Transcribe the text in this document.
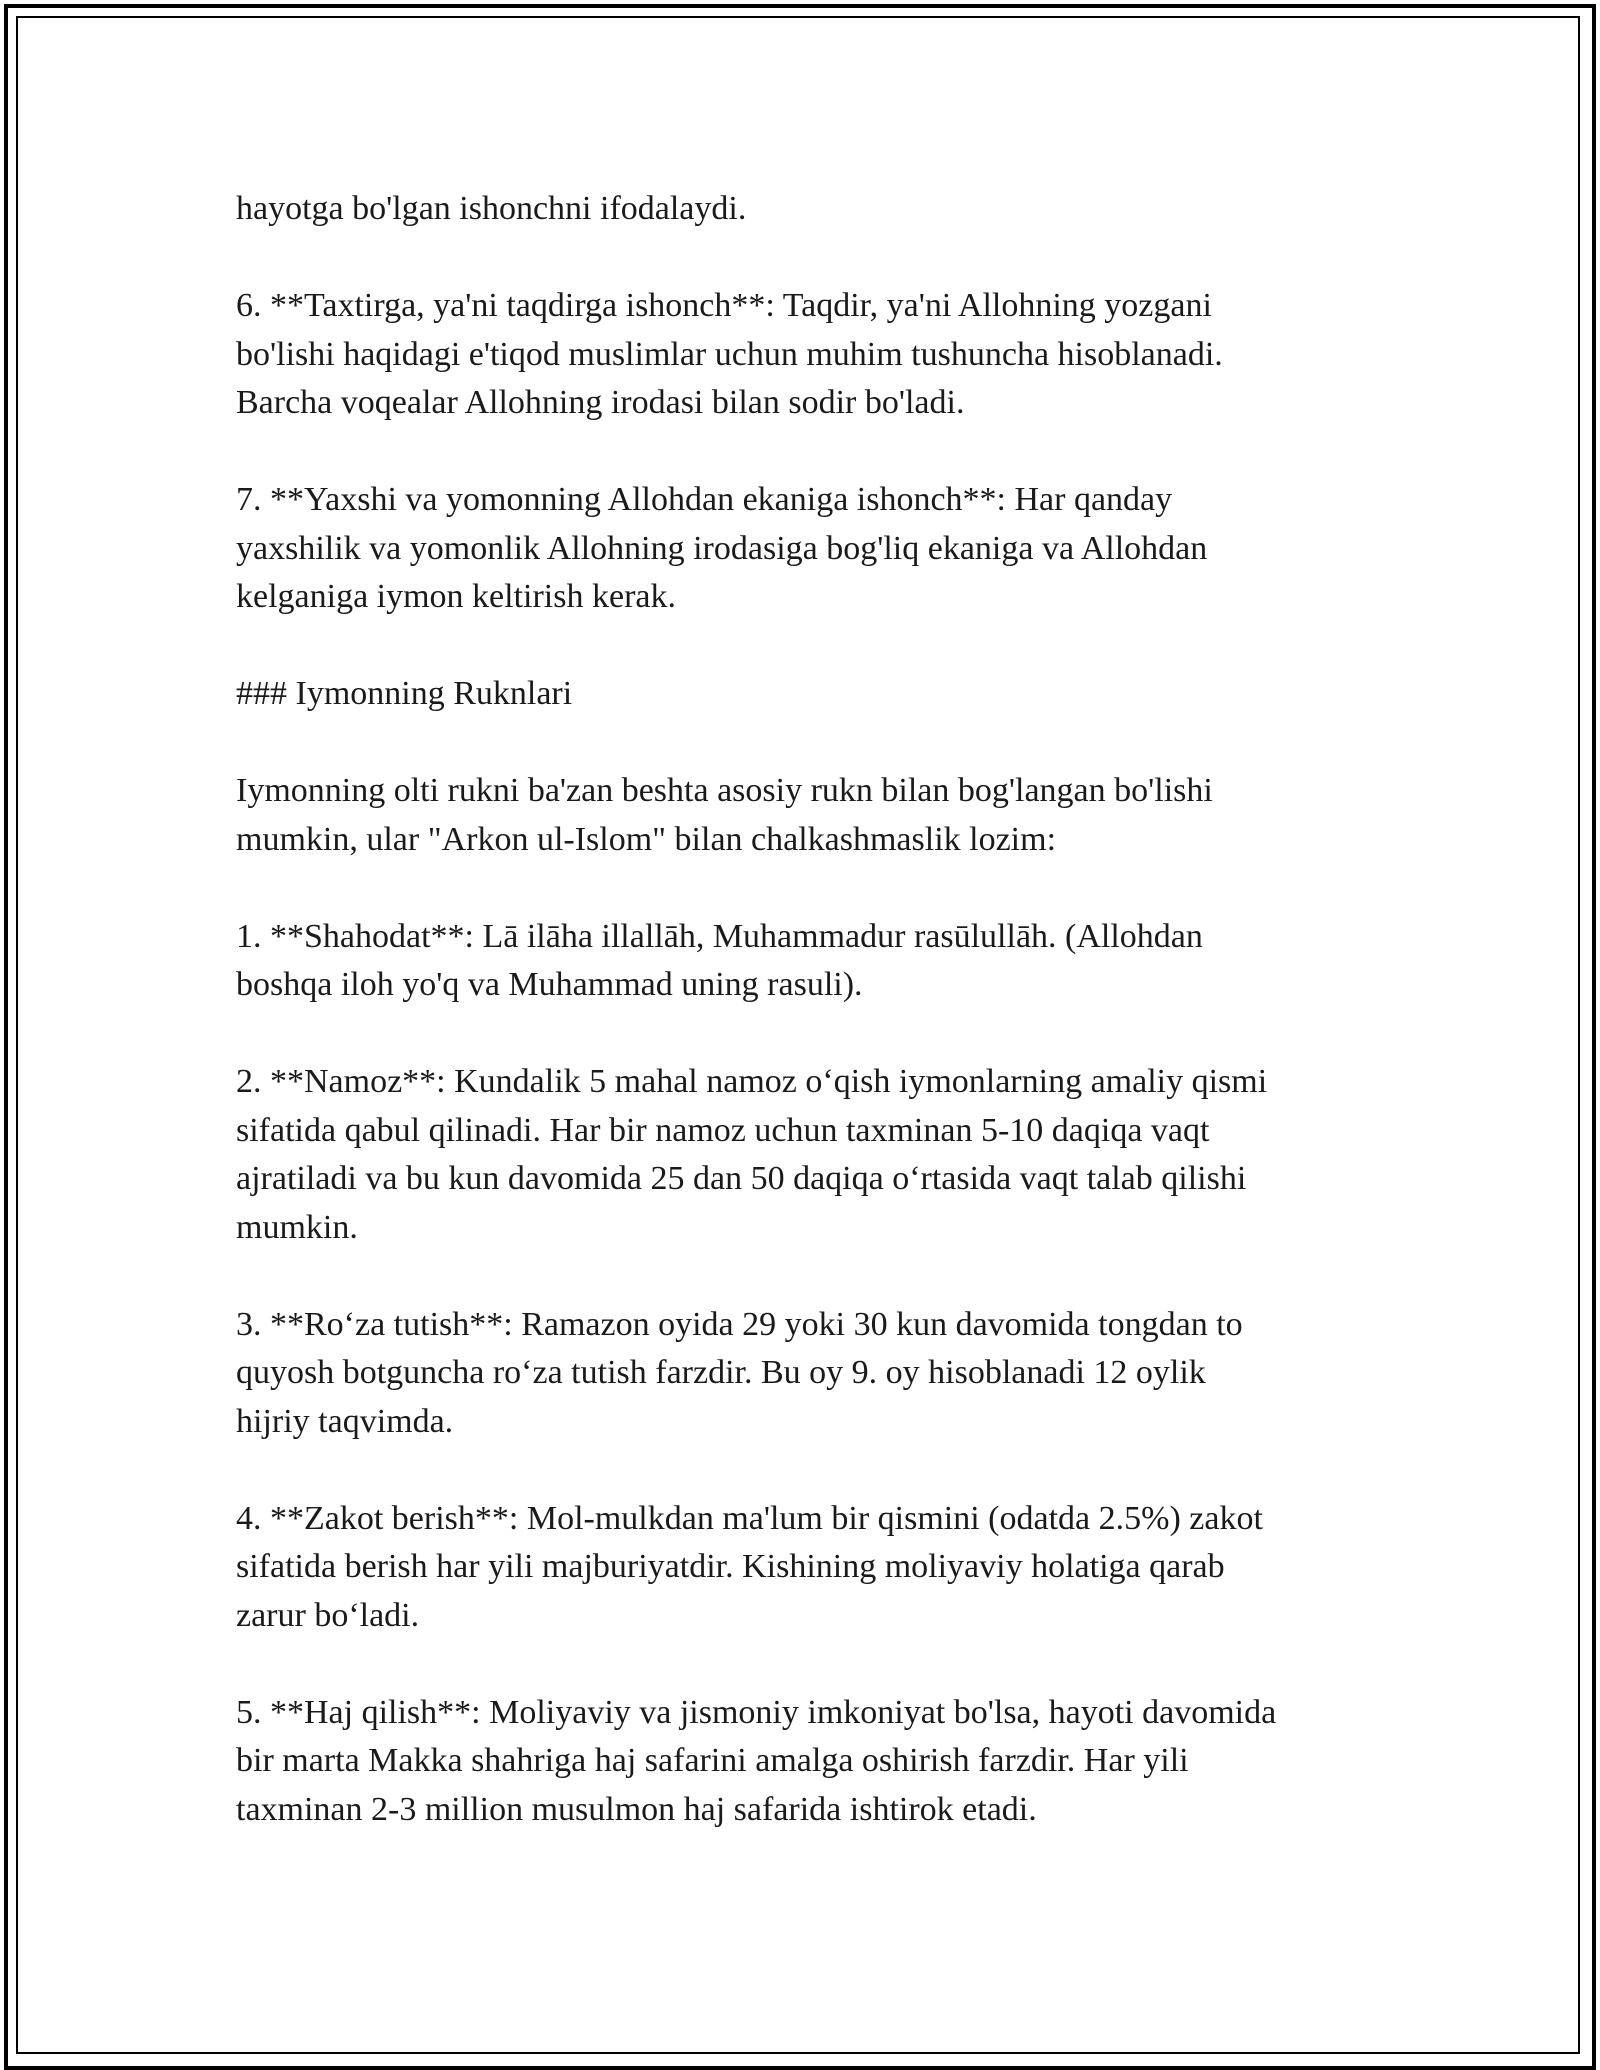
hayotga bo'lgan ishonchni ifodalaydi.

6. **Taxtirga, ya'ni taqdirga ishonch**: Taqdir, ya'ni Allohning yozgani
bo'lishi haqidagi e'tiqod muslimlar uchun muhim tushuncha hisoblanadi.
Barcha voqealar Allohning irodasi bilan sodir bo'ladi.

7. **Yaxshi va yomonning Allohdan ekaniga ishonch**: Har qanday
yaxshilik va yomonlik Allohning irodasiga bog'liq ekaniga va Allohdan
kelganiga iymon keltirish kerak.

### Iymonning Ruknlari

Iymonning olti rukni ba'zan beshta asosiy rukn bilan bog'langan bo'lishi
mumkin, ular "Arkon ul-Islom" bilan chalkashmaslik lozim:

1. **Shahodat**: Lā ilāha illallāh, Muhammadur rasūlullāh. (Allohdan
boshqa iloh yo'q va Muhammad uning rasuli).

2. **Namoz**: Kundalik 5 mahal namoz o‘qish iymonlarning amaliy qismi
sifatida qabul qilinadi. Har bir namoz uchun taxminan 5-10 daqiqa vaqt
ajratiladi va bu kun davomida 25 dan 50 daqiqa o‘rtasida vaqt talab qilishi
mumkin.

3. **Ro‘za tutish**: Ramazon oyida 29 yoki 30 kun davomida tongdan to
quyosh botguncha ro‘za tutish farzdir. Bu oy 9. oy hisoblanadi 12 oylik
hijriy taqvimda.

4. **Zakot berish**: Mol-mulkdan ma'lum bir qismini (odatda 2.5%) zakot
sifatida berish har yili majburiyatdir. Kishining moliyaviy holatiga qarab
zarur bo‘ladi.

5. **Haj qilish**: Moliyaviy va jismoniy imkoniyat bo'lsa, hayoti davomida
bir marta Makka shahriga haj safarini amalga oshirish farzdir. Har yili
taxminan 2-3 million musulmon haj safarida ishtirok etadi.
